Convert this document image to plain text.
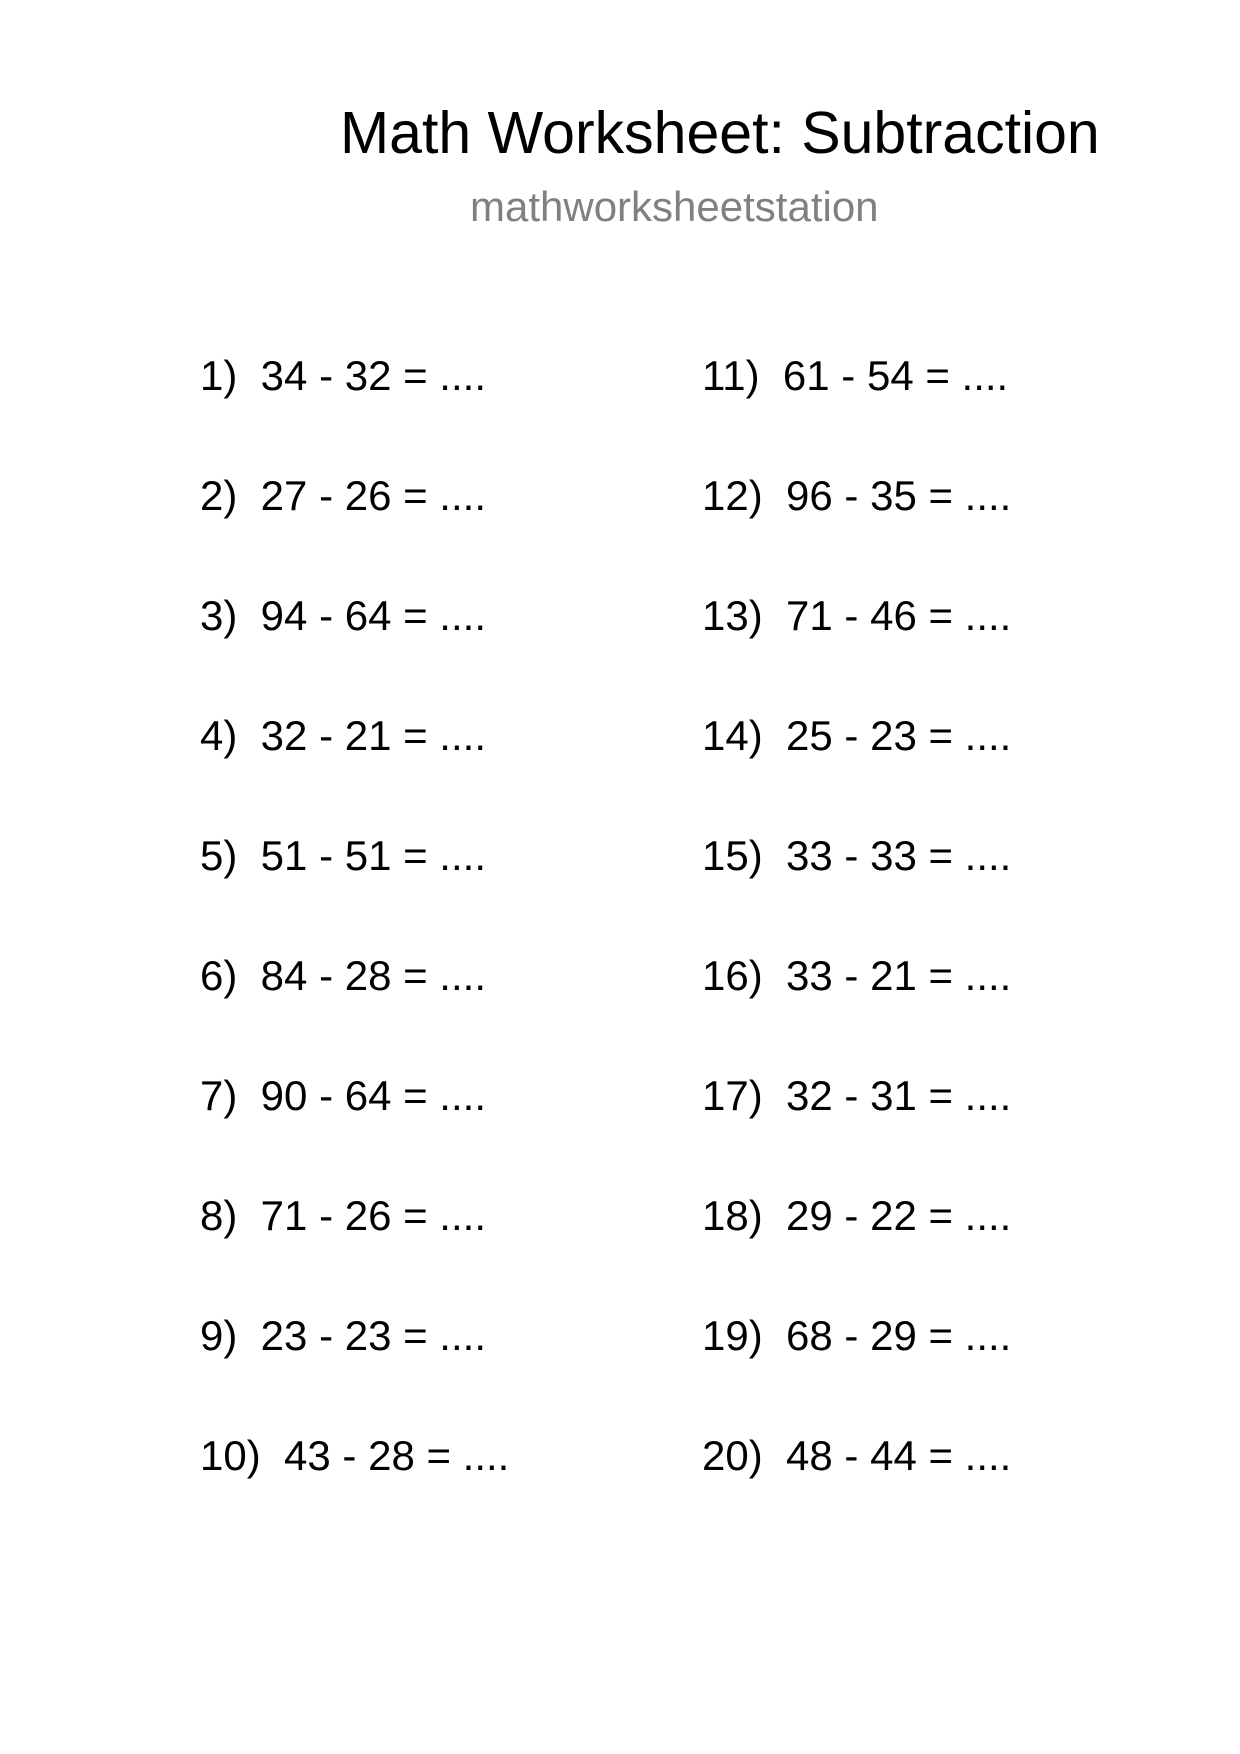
Math Worksheet: Subtraction
mathworksheetstation
1)  34 - 32 = ....
2)  27 - 26 = ....
3)  94 - 64 = ....
4)  32 - 21 = ....
5)  51 - 51 = ....
6)  84 - 28 = ....
7)  90 - 64 = ....
8)  71 - 26 = ....
9)  23 - 23 = ....
10)  43 - 28 = ....
11)  61 - 54 = ....
12)  96 - 35 = ....
13)  71 - 46 = ....
14)  25 - 23 = ....
15)  33 - 33 = ....
16)  33 - 21 = ....
17)  32 - 31 = ....
18)  29 - 22 = ....
19)  68 - 29 = ....
20)  48 - 44 = ....
